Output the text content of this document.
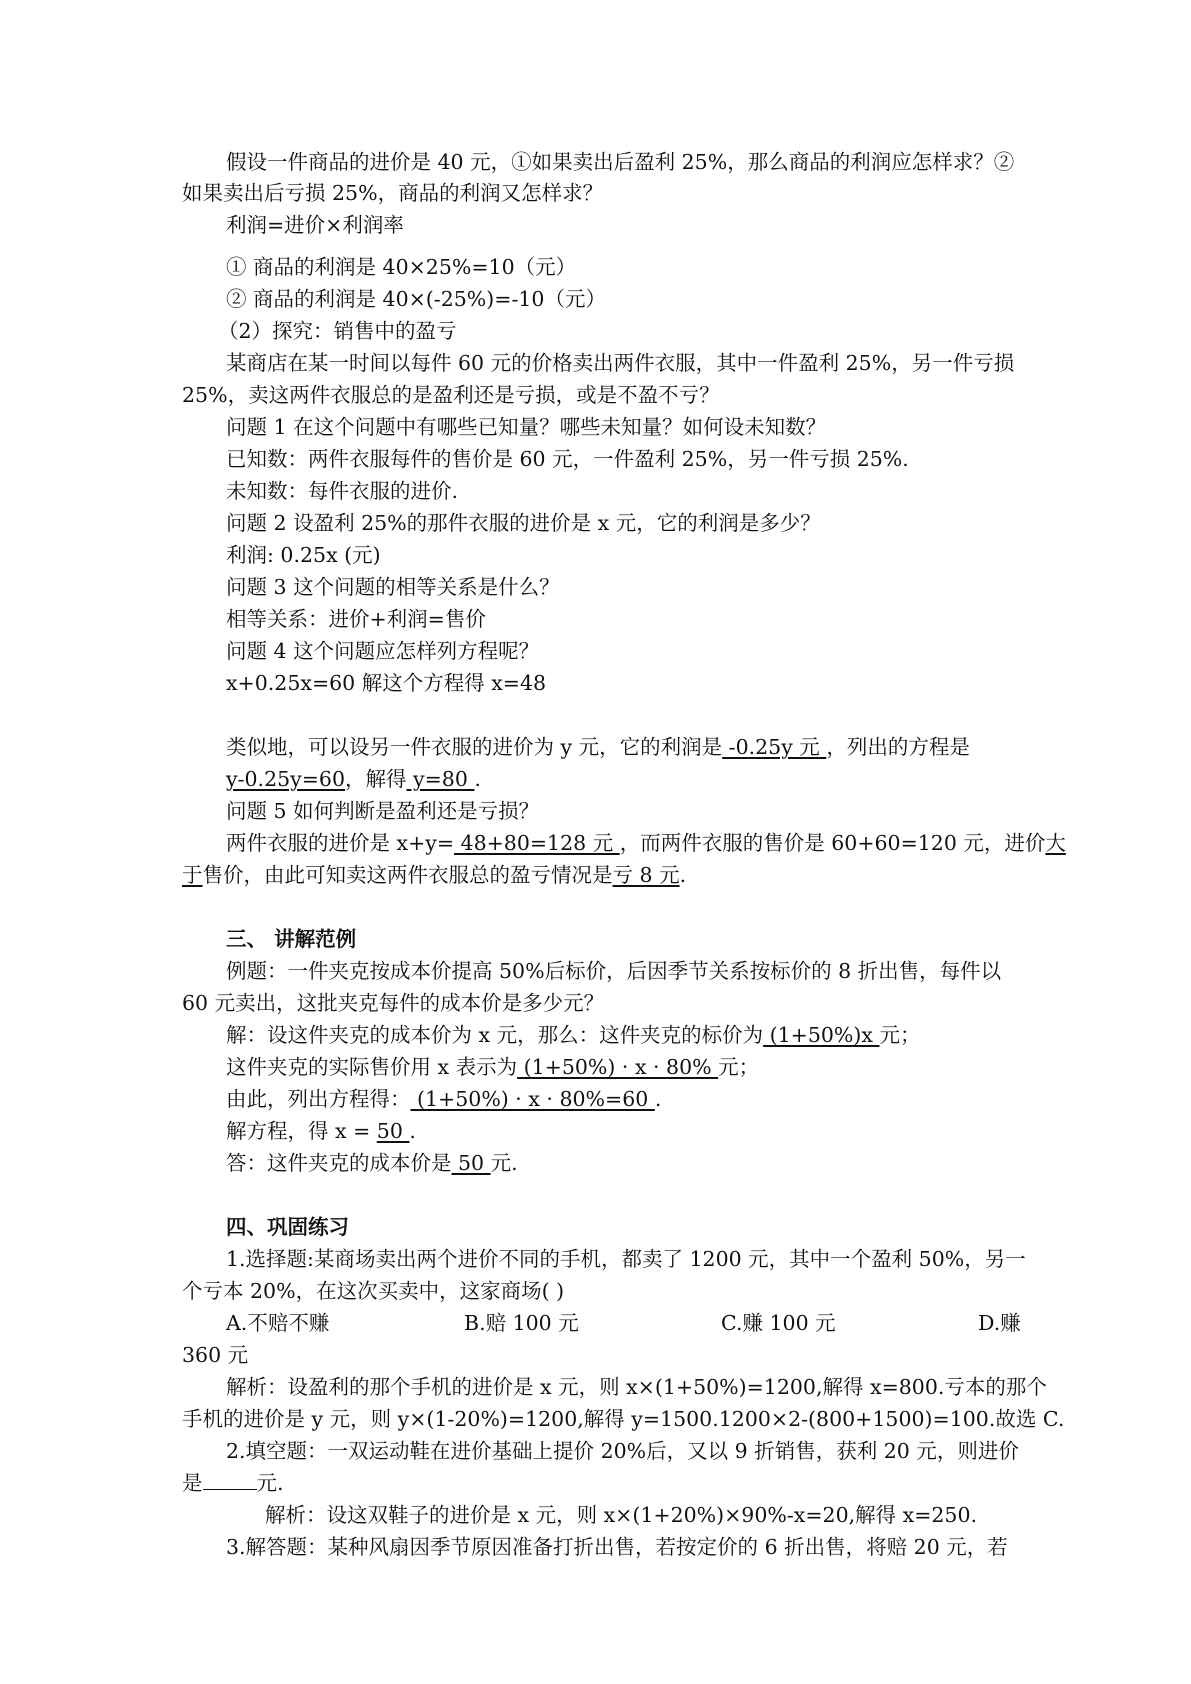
假设一件商品的进价是 40 元，①如果卖出后盈利 25%，那么商品的利润应怎样求？②
如果卖出后亏损 25%，商品的利润又怎样求？
利润=进价×利润率
① 商品的利润是 40×25%=10（元）
② 商品的利润是 40×(-25%)=-10（元）
（2）探究：销售中的盈亏
某商店在某一时间以每件 60 元的价格卖出两件衣服，其中一件盈利 25%，另一件亏损
25%，卖这两件衣服总的是盈利还是亏损，或是不盈不亏？
问题 1 在这个问题中有哪些已知量？哪些未知量？如何设未知数？
已知数：两件衣服每件的售价是 60 元，一件盈利 25%，另一件亏损 25%.
未知数：每件衣服的进价.
问题 2 设盈利 25%的那件衣服的进价是 x 元，它的利润是多少？
利润: 0.25x (元)
问题 3 这个问题的相等关系是什么？
相等关系：进价+利润=售价
问题 4 这个问题应怎样列方程呢？
x+0.25x=60 解这个方程得 x=48
类似地，可以设另一件衣服的进价为 y 元，它的利润是 -0.25y 元 ，列出的方程是
y-0.25y=60，解得 y=80 .
问题 5 如何判断是盈利还是亏损？
两件衣服的进价是 x+y= 48+80=128 元 ，而两件衣服的售价是 60+60=120 元，进价大
于售价，由此可知卖这两件衣服总的盈亏情况是亏 8 元.
三、 讲解范例
例题：一件夹克按成本价提高 50%后标价，后因季节关系按标价的 8 折出售，每件以
60 元卖出，这批夹克每件的成本价是多少元？
解：设这件夹克的成本价为 x 元，那么：这件夹克的标价为 (1+50%)x 元；
这件夹克的实际售价用 x 表示为 (1+50%) · x · 80% 元；
由此，列出方程得： (1+50%) · x · 80%=60 .
解方程，得 x = 50 .
答：这件夹克的成本价是 50 元.
四、巩固练习
1.选择题:某商场卖出两个进价不同的手机，都卖了 1200 元，其中一个盈利 50%，另一
个亏本 20%，在这次买卖中，这家商场( )
A.不赔不赚	B.赔 100 元	C.赚 100 元	D.赚
360 元
解析：设盈利的那个手机的进价是 x 元，则 x×(1+50%)=1200,解得 x=800.亏本的那个
手机的进价是 y 元，则 y×(1-20%)=1200,解得 y=1500.1200×2-(800+1500)=100.故选 C.
2.填空题：一双运动鞋在进价基础上提价 20%后，又以 9 折销售，获利 20 元，则进价
是	元.
解析：设这双鞋子的进价是 x 元，则 x×(1+20%)×90%-x=20,解得 x=250.
3.解答题：某种风扇因季节原因准备打折出售，若按定价的 6 折出售，将赔 20 元，若
